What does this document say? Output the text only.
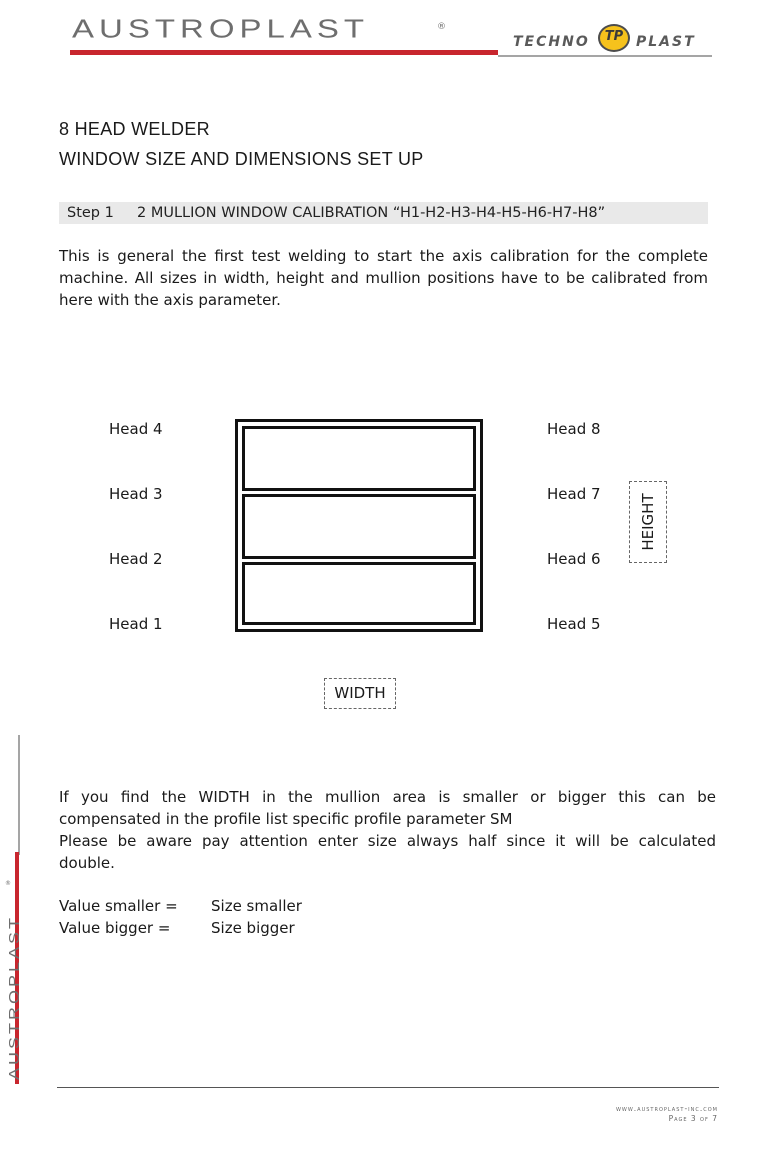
AUSTROPLAST	®
TECHNO	TP PLAST
8 HEAD WELDER
WINDOW SIZE AND DIMENSIONS SET UP
Step 1 2 MULLION WINDOW CALIBRATION “H1-H2-H3-H4-H5-H6-H7-H8”
This is general the first test welding to start the axis calibration for the complete
machine. All sizes in width, height and mullion positions have to be calibrated from
here with the axis parameter.
Head 4
Head 3
Head 2
Head 1
Head 8
Head 7
Head 6
Head 5
HEIGHT
WIDTH
If you find the WIDTH in the mullion area is smaller or bigger this can be
compensated in the profile list specific profile parameter SM
Please be aware pay attention enter size always half since it will be calculated
double.
Value smaller = Size smaller
Value bigger =	Size bigger
AUSTROPLAST
®
www.austroplast-inc.com
Page 3 of 7
